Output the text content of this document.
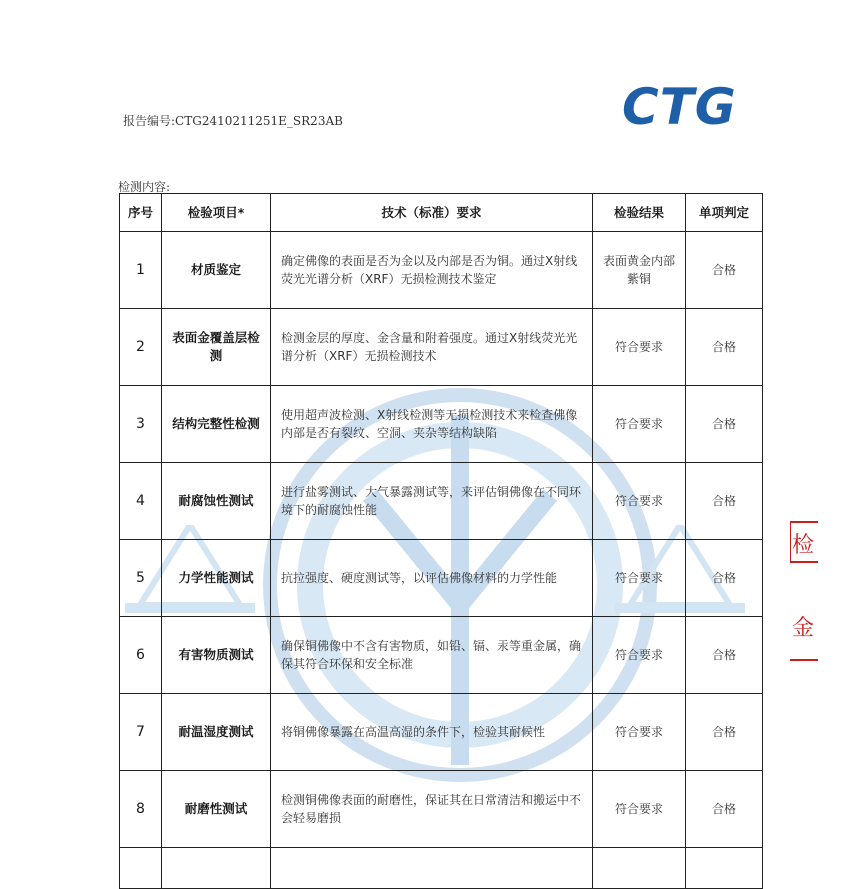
CTG
报告编号:CTG2410211251E_SR23AB
检测内容:
序号	检验项目*	技术（标准）要求	检验结果	单项判定
1	材质鉴定	确定佛像的表面是否为金以及内部是否为铜。通过X射线荧光光谱分析（XRF）无损检测技术鉴定	表面黄金内部紫铜	合格
2	表面金覆盖层检测	检测金层的厚度、金含量和附着强度。通过X射线荧光光谱分析（XRF）无损检测技术	符合要求	合格
3	结构完整性检测	使用超声波检测、X射线检测等无损检测技术来检查佛像内部是否有裂纹、空洞、夹杂等结构缺陷	符合要求	合格
4	耐腐蚀性测试	进行盐雾测试、大气暴露测试等，来评估铜佛像在不同环境下的耐腐蚀性能	符合要求	合格
5	力学性能测试	抗拉强度、硬度测试等，以评估佛像材料的力学性能	符合要求	合格
6	有害物质测试	确保铜佛像中不含有害物质，如铅、镉、汞等重金属，确保其符合环保和安全标准	符合要求	合格
7	耐温湿度测试	将铜佛像暴露在高温高湿的条件下，检验其耐候性	符合要求	合格
8	耐磨性测试	检测铜佛像表面的耐磨性，保证其在日常清洁和搬运中不会轻易磨损	符合要求	合格

检
金
